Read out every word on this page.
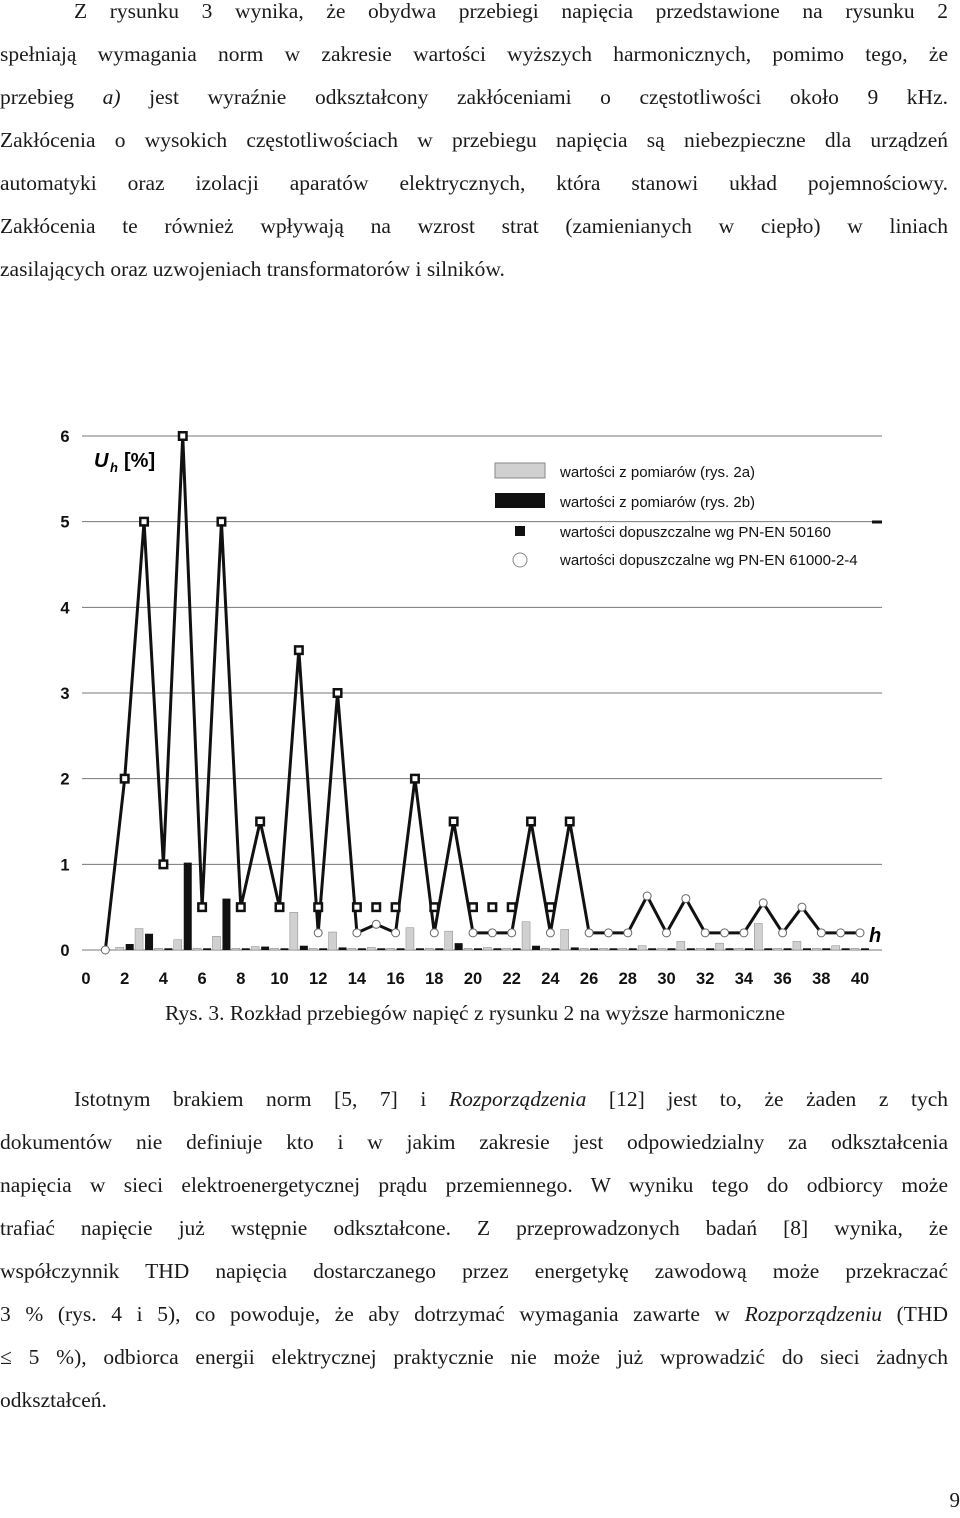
Z rysunku 3 wynika, że obydwa przebiegi napięcia przedstawione na rysunku 2
spełniają wymagania norm w zakresie wartości wyższych harmonicznych, pomimo tego, że
przebieg a) jest wyraźnie odkształcony zakłóceniami o częstotliwości około 9 kHz.
Zakłócenia o wysokich częstotliwościach w przebiegu napięcia są niebezpieczne dla urządzeń
automatyki oraz izolacji aparatów elektrycznych, która stanowi układ pojemnościowy.
Zakłócenia te również wpływają na wzrost strat (zamienianych w ciepło) w liniach
zasilających oraz uzwojeniach transformatorów i silników.
0
1
2
3
4
5
6
0 2 4 6 8 10 12 14 16 18 20 22 24 26 28 30 32 34 36 38 40
wartości z pomiarów (rys. 2a)
wartości z pomiarów (rys. 2b)
wartości dopuszczalne wg PN-EN 50160
wartości dopuszczalne wg PN-EN 61000-2-4
U h [%]
h
Rys. 3. Rozkład przebiegów napięć z rysunku 2 na wyższe harmoniczne
Istotnym brakiem norm [5, 7] i Rozporządzenia [12] jest to, że żaden z tych
dokumentów nie definiuje kto i w jakim zakresie jest odpowiedzialny za odkształcenia
napięcia w sieci elektroenergetycznej prądu przemiennego. W wyniku tego do odbiorcy może
trafiać napięcie już wstępnie odkształcone. Z przeprowadzonych badań [8] wynika, że
współczynnik THD napięcia dostarczanego przez energetykę zawodową może przekraczać
3 % (rys. 4 i 5), co powoduje, że aby dotrzymać wymagania zawarte w Rozporządzeniu (THD
≤ 5 %), odbiorca energii elektrycznej praktycznie nie może już wprowadzić do sieci żadnych
odkształceń.
9
